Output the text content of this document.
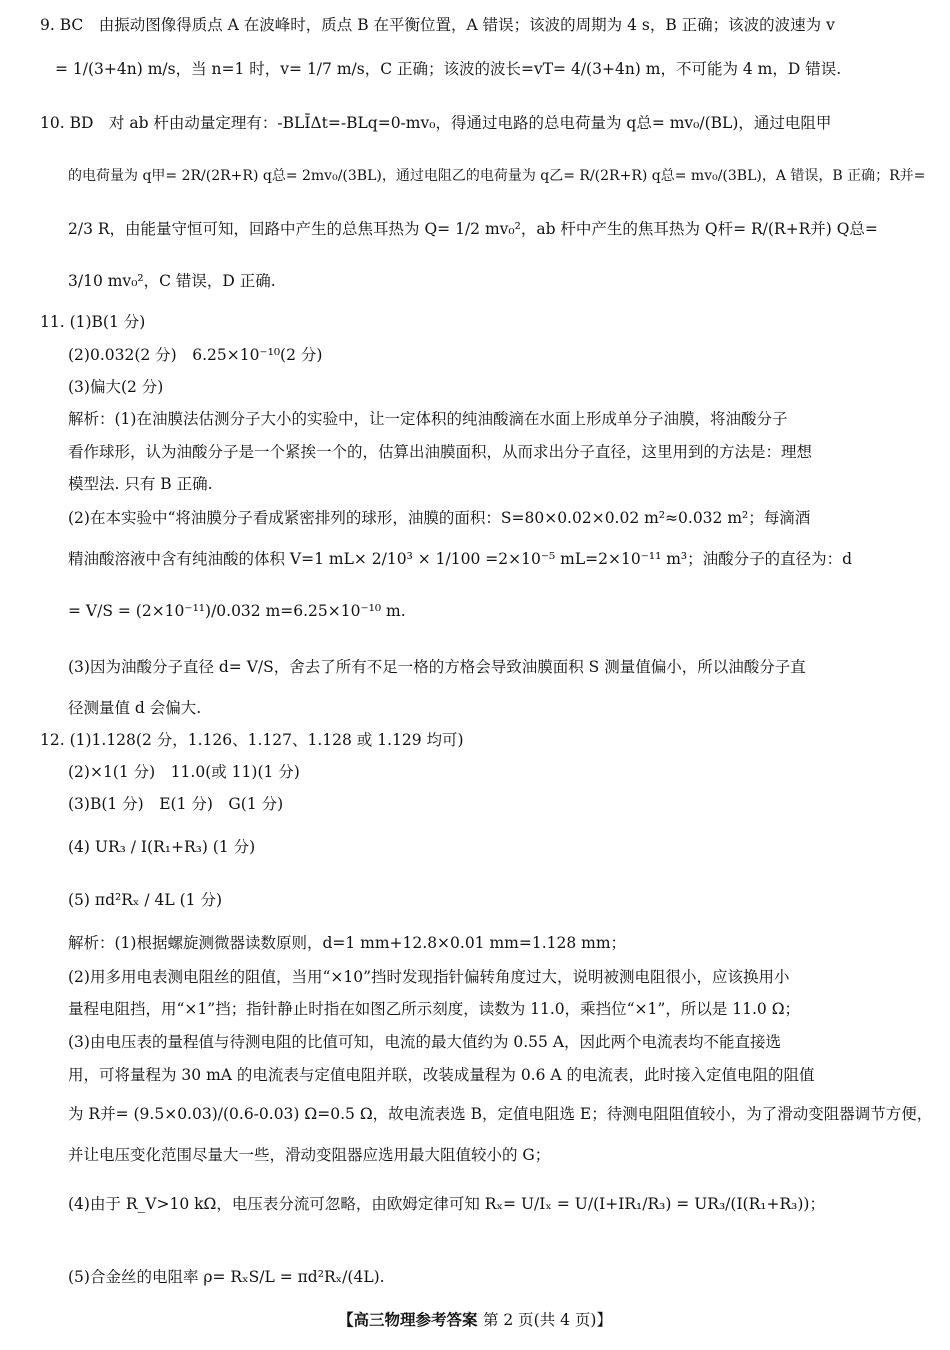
9. BC　由振动图像得质点 A 在波峰时，质点 B 在平衡位置，A 错误；该波的周期为 4 s，B 正确；该波的波速为 v
= 1/(3+4n) m/s，当 n=1 时，v= 1/7 m/s，C 正确；该波的波长=vT= 4/(3+4n) m，不可能为 4 m，D 错误.
10. BD　对 ab 杆由动量定理有：-BLĪΔt=-BLq=0-mv₀，得通过电路的总电荷量为 q总= mv₀/(BL)，通过电阻甲
的电荷量为 q甲= 2R/(2R+R) q总= 2mv₀/(3BL)，通过电阻乙的电荷量为 q乙= R/(2R+R) q总= mv₀/(3BL)，A 错误，B 正确；R并=
2/3 R，由能量守恒可知，回路中产生的总焦耳热为 Q= 1/2 mv₀²，ab 杆中产生的焦耳热为 Q杆= R/(R+R并) Q总=
3/10 mv₀²，C 错误，D 正确.
11. (1)B(1 分)
(2)0.032(2 分)　6.25×10⁻¹⁰(2 分)
(3)偏大(2 分)
解析：(1)在油膜法估测分子大小的实验中，让一定体积的纯油酸滴在水面上形成单分子油膜，将油酸分子
看作球形，认为油酸分子是一个紧挨一个的，估算出油膜面积，从而求出分子直径，这里用到的方法是：理想
模型法. 只有 B 正确.
(2)在本实验中“将油膜分子看成紧密排列的球形，油膜的面积：S=80×0.02×0.02 m²≈0.032 m²；每滴酒
精油酸溶液中含有纯油酸的体积 V=1 mL× 2/10³ × 1/100 =2×10⁻⁵ mL=2×10⁻¹¹ m³；油酸分子的直径为：d
= V/S = (2×10⁻¹¹)/0.032 m=6.25×10⁻¹⁰ m.
(3)因为油酸分子直径 d= V/S，舍去了所有不足一格的方格会导致油膜面积 S 测量值偏小，所以油酸分子直
径测量值 d 会偏大.
12. (1)1.128(2 分，1.126、1.127、1.128 或 1.129 均可)
(2)×1(1 分)　11.0(或 11)(1 分)
(3)B(1 分)　E(1 分)　G(1 分)
(4) UR₃ / I(R₁+R₃) (1 分)
(5) πd²Rₓ / 4L (1 分)
解析：(1)根据螺旋测微器读数原则，d=1 mm+12.8×0.01 mm=1.128 mm；
(2)用多用电表测电阻丝的阻值，当用“×10”挡时发现指针偏转角度过大，说明被测电阻很小，应该换用小
量程电阻挡，用“×1”挡；指针静止时指在如图乙所示刻度，读数为 11.0，乘挡位“×1”，所以是 11.0 Ω；
(3)由电压表的量程值与待测电阻的比值可知，电流的最大值约为 0.55 A，因此两个电流表均不能直接选
用，可将量程为 30 mA 的电流表与定值电阻并联，改装成量程为 0.6 A 的电流表，此时接入定值电阻的阻值
为 R并= (9.5×0.03)/(0.6-0.03) Ω=0.5 Ω，故电流表选 B，定值电阻选 E；待测电阻阻值较小，为了滑动变阻器调节方便，
并让电压变化范围尽量大一些，滑动变阻器应选用最大阻值较小的 G；
(4)由于 R_V>10 kΩ，电压表分流可忽略，由欧姆定律可知 Rₓ= U/Iₓ = U/(I+IR₁/R₃) = UR₃/(I(R₁+R₃))；
(5)合金丝的电阻率 ρ= RₓS/L = πd²Rₓ/(4L).
【高三物理参考答案 第 2 页(共 4 页)】
